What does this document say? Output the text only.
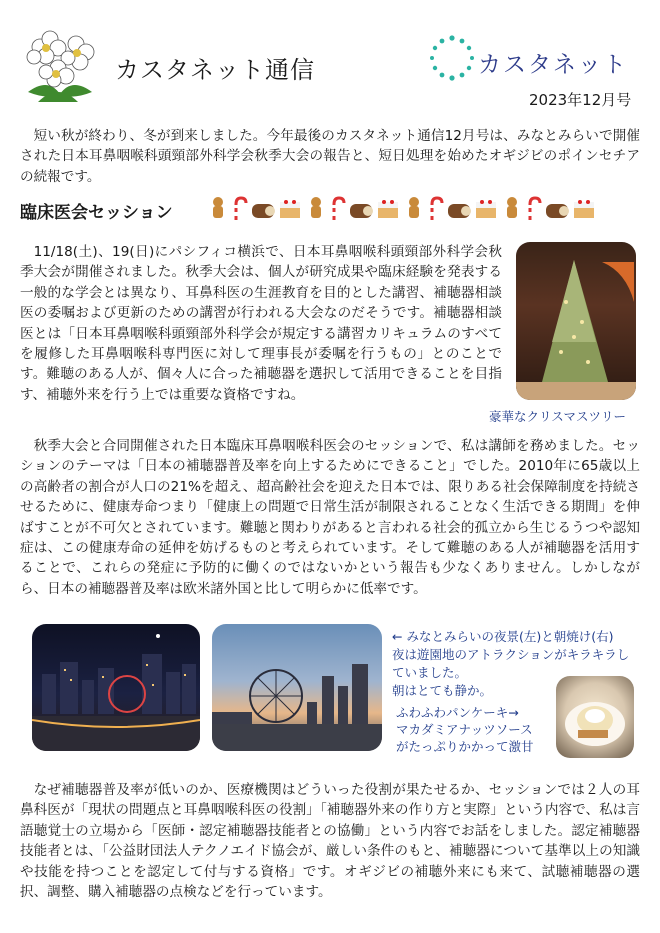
カスタネット通信	カスタネット
2023年12月号

短い秋が終わり、冬が到来しました。今年最後のカスタネット通信12月号は、みなとみらいで開催された日本耳鼻咽喉科頭頸部外科学会秋季大会の報告と、短日処理を始めたオギジビのポインセチアの続報です。

臨床医会セッション

11/18(土)、19(日)にパシフィコ横浜で、日本耳鼻咽喉科頭頸部外科学会秋季大会が開催されました。秋季大会は、個人が研究成果や臨床経験を発表する一般的な学会とは異なり、耳鼻科医の生涯教育を目的とした講習、補聴器相談医の委嘱および更新のための講習が行われる大会なのだそうです。補聴器相談医とは「日本耳鼻咽喉科頭頸部外科学会が規定する講習カリキュラムのすべてを履修した耳鼻咽喉科専門医に対して理事長が委嘱を行うもの」とのことです。難聴のある人が、個々人に合った補聴器を選択して活用できることを目指す、補聴外来を行う上では重要な資格ですね。

豪華なクリスマスツリー

秋季大会と合同開催された日本臨床耳鼻咽喉科医会のセッションで、私は講師を務めました。セッションのテーマは「日本の補聴器普及率を向上するためにできること」でした。2010年に65歳以上の高齢者の割合が人口の21%を超え、超高齢社会を迎えた日本では、限りある社会保障制度を持続させるために、健康寿命つまり「健康上の問題で日常生活が制限されることなく生活できる期間」を伸ばすことが不可欠とされています。難聴と関わりがあると言われる社会的孤立から生じるうつや認知症は、この健康寿命の延伸を妨げるものと考えられています。そして難聴のある人が補聴器を活用することで、これらの発症に予防的に働くのではないかという報告も少なくありません。しかしながら、日本の補聴器普及率は欧米諸外国と比して明らかに低率です。

← みなとみらいの夜景(左)と朝焼け(右)
夜は遊園地のアトラクションがキラキラしていました。
朝はとても静か。
ふわふわパンケーキ→
マカダミアナッツソース
がたっぷりかかって激甘

なぜ補聴器普及率が低いのか、医療機関はどういった役割が果たせるか、セッションでは２人の耳鼻科医が「現状の問題点と耳鼻咽喉科医の役割」「補聴器外来の作り方と実際」という内容で、私は言語聴覚士の立場から「医師・認定補聴器技能者との協働」という内容でお話をしました。認定補聴器技能者とは、「公益財団法人テクノエイド協会が、厳しい条件のもと、補聴器について基準以上の知識や技能を持つことを認定して付与する資格」です。オギジビの補聴外来にも来て、試聴補聴器の選択、調整、購入補聴器の点検などを行っています。
